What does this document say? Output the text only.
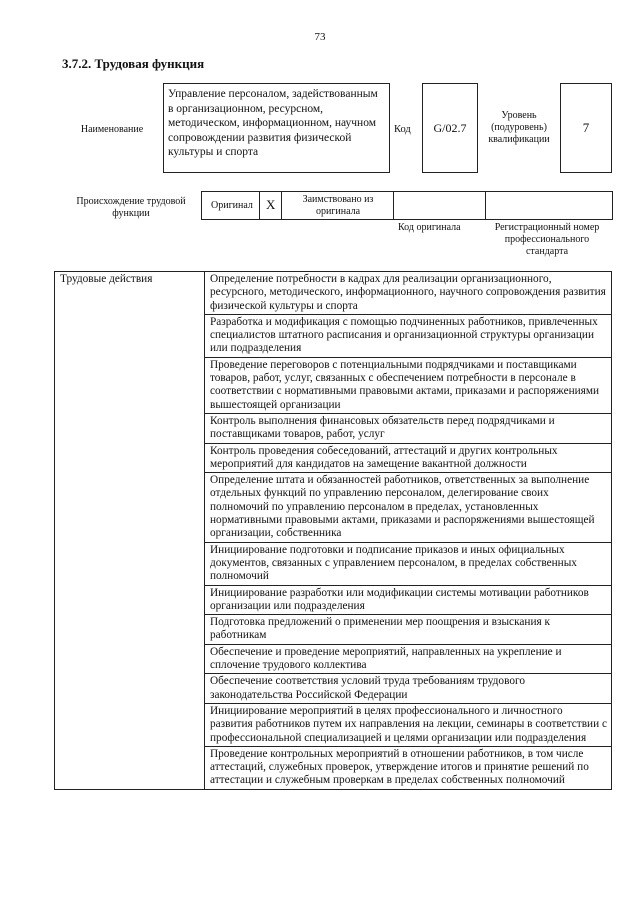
73
3.7.2. Трудовая функция
Наименование
Управление персоналом, задействованным в организационном, ресурсном, методическом, информационном, научном сопровождении развития физической культуры и спорта
Код	G/02.7
Уровень (подуровень) квалификации
7
Происхождение трудовой функции
Оригинал X	Заимствовано из оригинала
Код оригинала	Регистрационный номер профессионального стандарта
Трудовые действия	Определение потребности в кадрах для реализации организационного, ресурсного, методического, информационного, научного сопровождения развития физической культуры и спорта
Разработка и модификация с помощью подчиненных работников, привлеченных специалистов штатного расписания и организационной структуры организации или подразделения
Проведение переговоров с потенциальными подрядчиками и поставщиками товаров, работ, услуг, связанных с обеспечением потребности в персонале в соответствии с нормативными правовыми актами, приказами и распоряжениями вышестоящей организации
Контроль выполнения финансовых обязательств перед подрядчиками и поставщиками товаров, работ, услуг
Контроль проведения собеседований, аттестаций и других контрольных мероприятий для кандидатов на замещение вакантной должности
Определение штата и обязанностей работников, ответственных за выполнение отдельных функций по управлению персоналом, делегирование своих полномочий по управлению персоналом в пределах, установленных нормативными правовыми актами, приказами и распоряжениями вышестоящей организации, собственника
Инициирование подготовки и подписание приказов и иных официальных документов, связанных с управлением персоналом, в пределах собственных полномочий
Инициирование разработки или модификации системы мотивации работников организации или подразделения
Подготовка предложений о применении мер поощрения и взыскания к работникам
Обеспечение и проведение мероприятий, направленных на укрепление и сплочение трудового коллектива
Обеспечение соответствия условий труда требованиям трудового законодательства Российской Федерации
Инициирование мероприятий в целях профессионального и личностного развития работников путем их направления на лекции, семинары в соответствии с профессиональной специализацией и целями организации или подразделения
Проведение контрольных мероприятий в отношении работников, в том числе аттестаций, служебных проверок, утверждение итогов и принятие решений по аттестации и служебным проверкам в пределах собственных полномочий
